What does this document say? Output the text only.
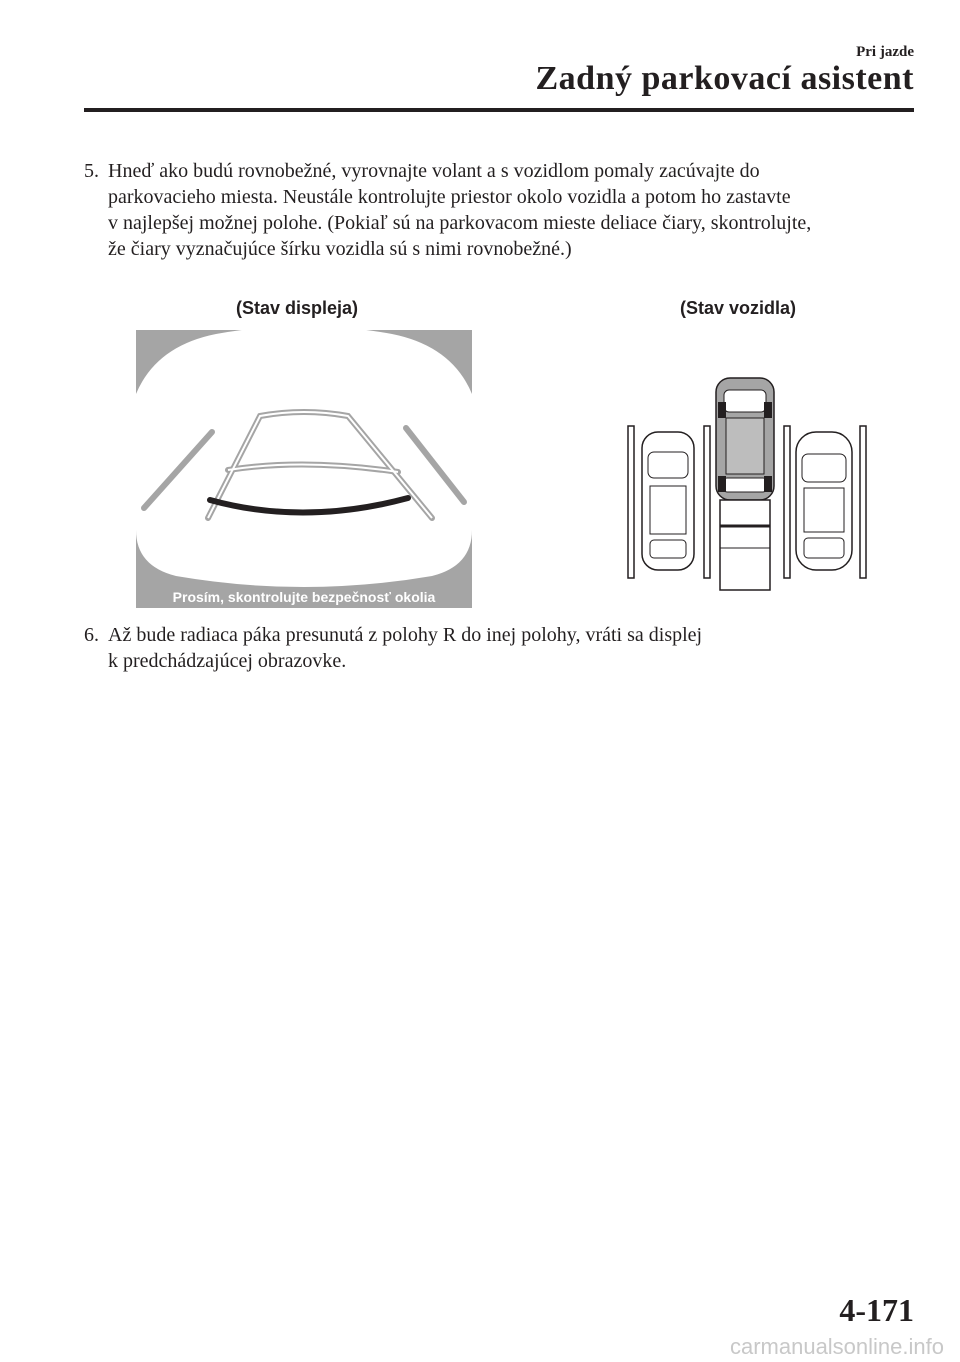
Pri jazde
Zadný parkovací asistent
5. Hneď ako budú rovnobežné, vyrovnajte volant a s vozidlom pomaly zacúvajte do
parkovacieho miesta. Neustále kontrolujte priestor okolo vozidla a potom ho zastavte
v najlepšej možnej polohe. (Pokiaľ sú na parkovacom mieste deliace čiary, skontrolujte,
že čiary vyznačujúce šírku vozidla sú s nimi rovnobežné.)
(Stav displeja)	(Stav vozidla)
Prosím, skontrolujte bezpečnosť okolia
6. Až bude radiaca páka presunutá z polohy R do inej polohy, vráti sa displej
k predchádzajúcej obrazovke.
4-171
carmanualsonline.info
